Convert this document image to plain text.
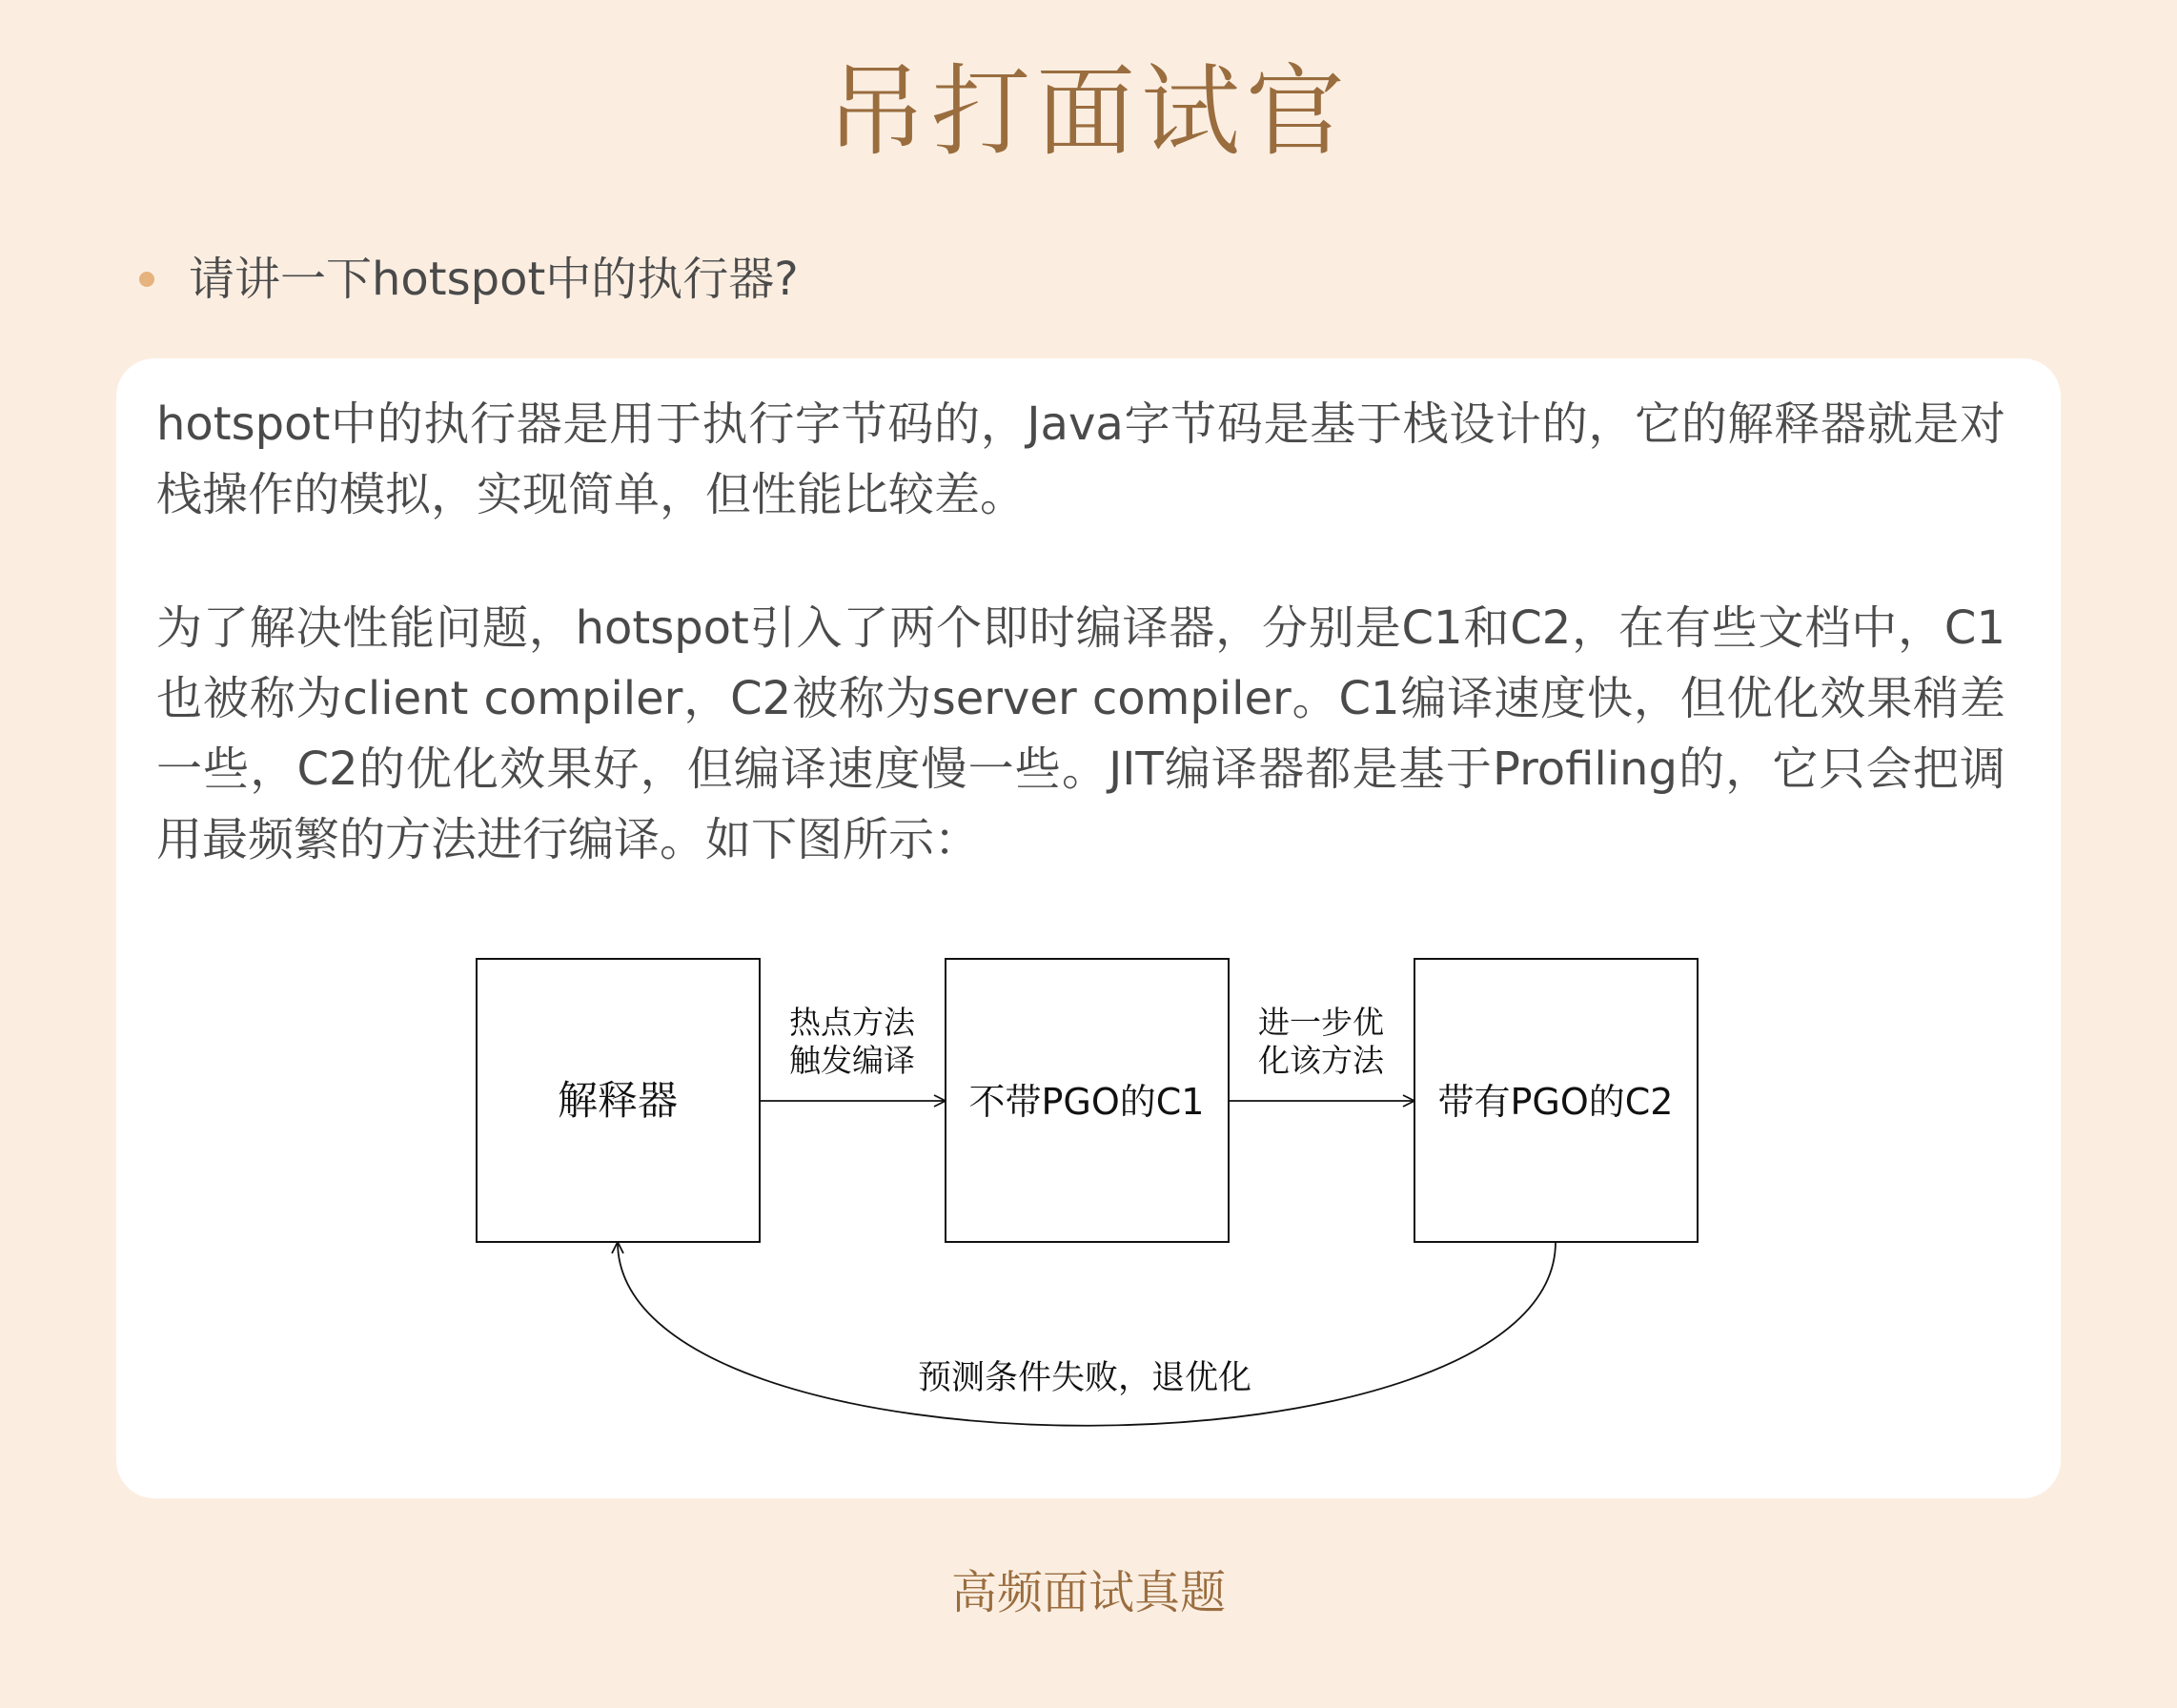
吊打面试官
请讲一下hotspot中的执行器?

hotspot中的执行器是用于执行字节码的，Java字节码是基于栈设计的，它的解释器就是对栈操作的模拟，实现简单，但性能比较差。

为了解决性能问题，hotspot引入了两个即时编译器，分别是C1和C2，在有些文档中，C1也被称为client compiler，C2被称为server compiler。C1编译速度快，但优化效果稍差一些，C2的优化效果好，但编译速度慢一些。JIT编译器都是基于Profiling的，它只会把调用最频繁的方法进行编译。如下图所示：

解释器	不带PGO的C1	带有PGO的C2
热点方法
触发编译
进一步优
化该方法
预测条件失败，退优化
高频面试真题
